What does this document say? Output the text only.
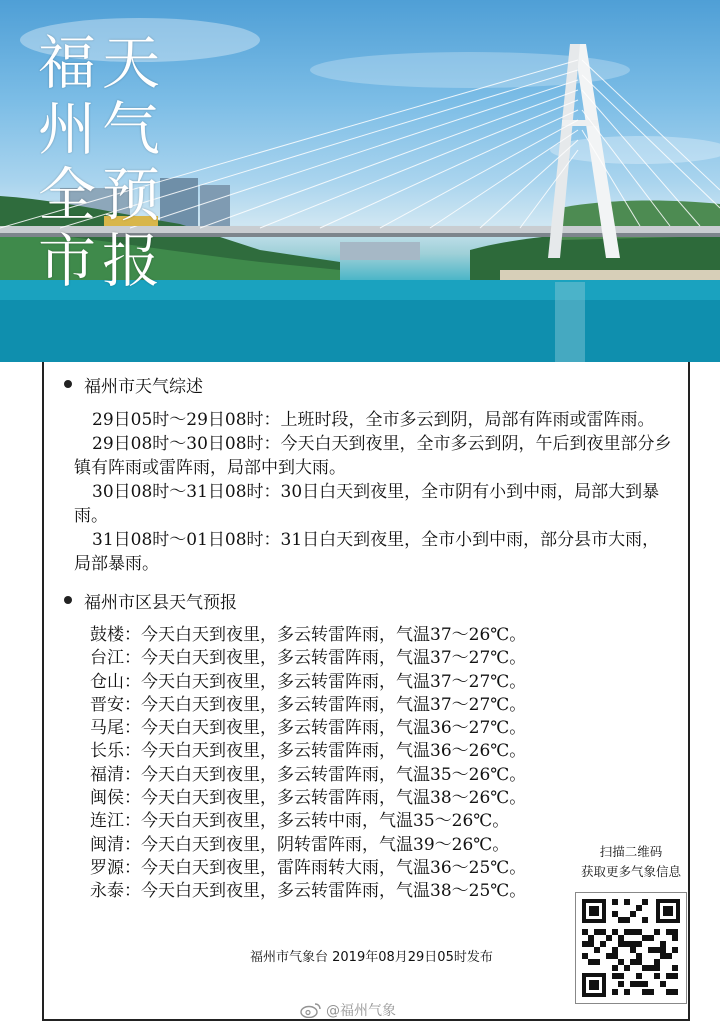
天
气
预
报
福
州
全
市
福州市天气综述
29日05时～29日08时：上班时段，全市多云到阴，局部有阵雨或雷阵雨。
29日08时～30日08时：今天白天到夜里，全市多云到阴，午后到夜里部分乡镇有阵雨或雷阵雨，局部中到大雨。
30日08时～31日08时：30日白天到夜里，全市阴有小到中雨，局部大到暴雨。
31日08时～01日08时：31日白天到夜里，全市小到中雨，部分县市大雨，局部暴雨。
福州市区县天气预报
鼓楼：今天白天到夜里，多云转雷阵雨，气温37～26℃。
台江：今天白天到夜里，多云转雷阵雨，气温37～27℃。
仓山：今天白天到夜里，多云转雷阵雨，气温37～27℃。
晋安：今天白天到夜里，多云转雷阵雨，气温37～27℃。
马尾：今天白天到夜里，多云转雷阵雨，气温36～27℃。
长乐：今天白天到夜里，多云转雷阵雨，气温36～26℃。
福清：今天白天到夜里，多云转雷阵雨，气温35～26℃。
闽侯：今天白天到夜里，多云转雷阵雨，气温38～26℃。
连江：今天白天到夜里，多云转中雨，气温35～26℃。
闽清：今天白天到夜里，阴转雷阵雨，气温39～26℃。
罗源：今天白天到夜里，雷阵雨转大雨，气温36～25℃。
永泰：今天白天到夜里，多云转雷阵雨，气温38～25℃。
福州市气象台 2019年08月29日05时发布
扫描二维码
获取更多气象信息
@福州气象
